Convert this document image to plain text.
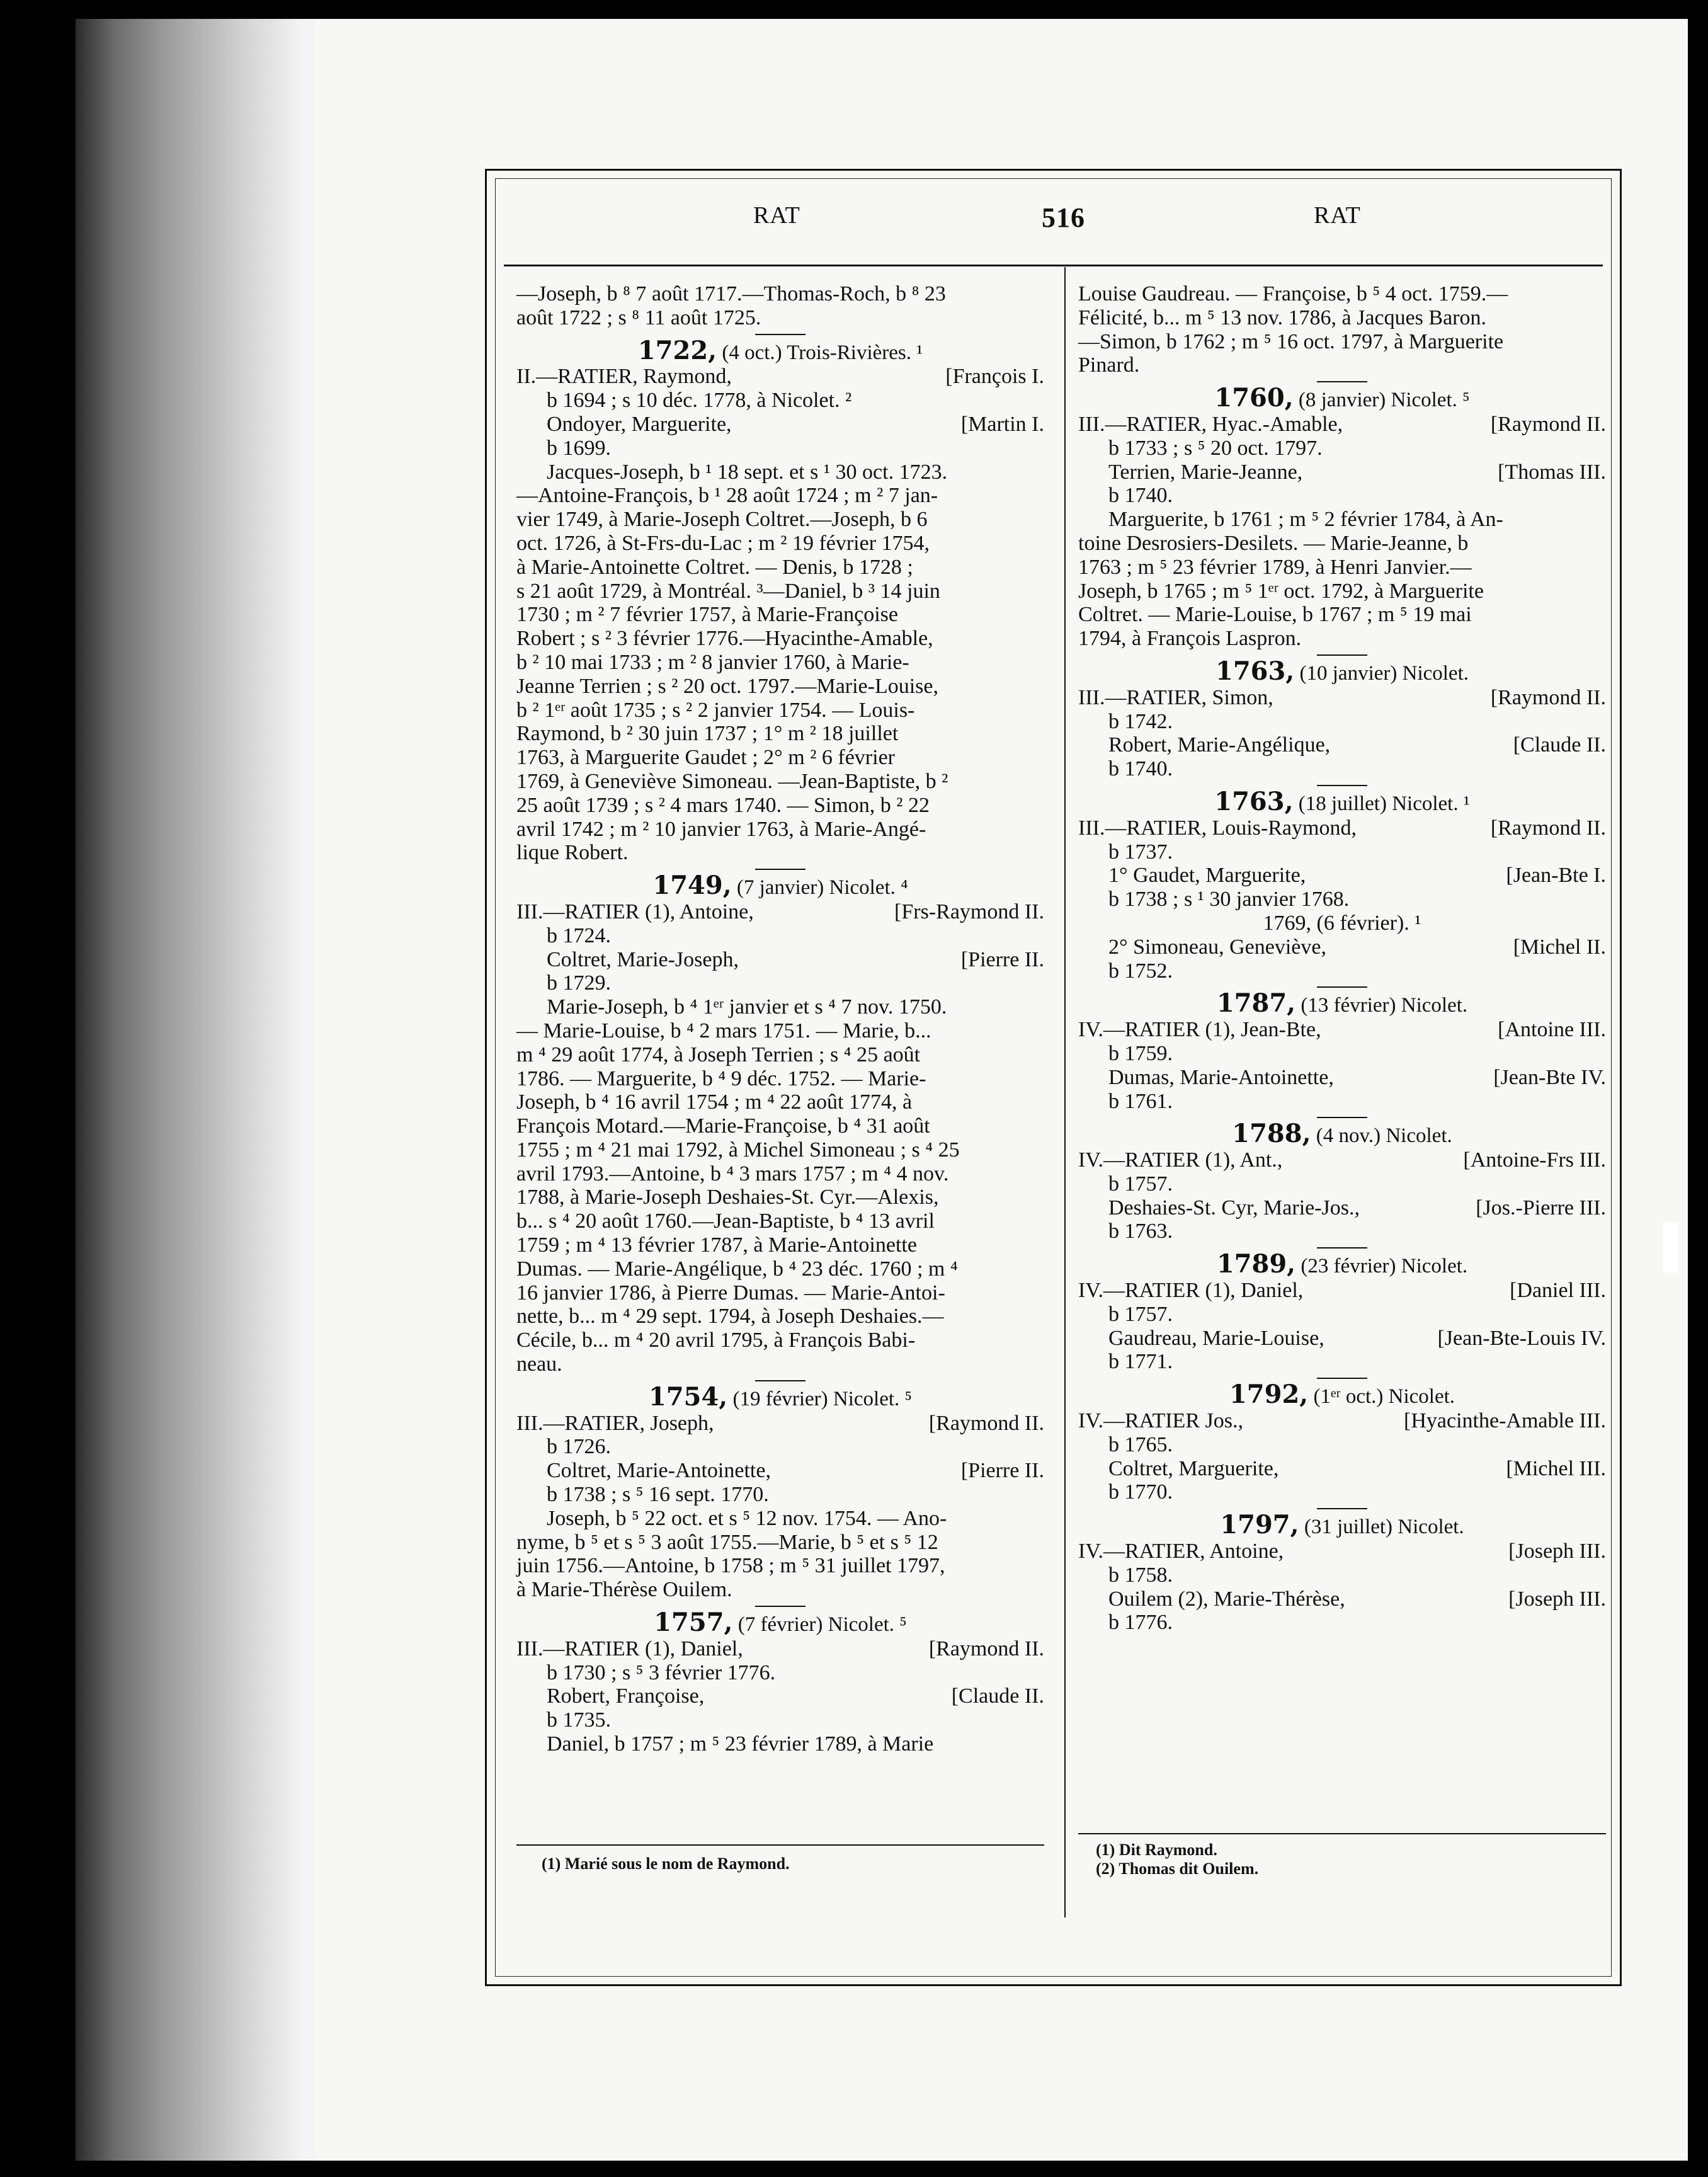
RAT	516	RAT

—Joseph, b ⁸ 7 août 1717.—Thomas-Roch, b ⁸ 23

août 1722 ; s ⁸ 11 août 1725.

1722, (4 oct.) Trois-Rivières. ¹

II.—RATIER, Raymond,	[François I.

b 1694 ; s 10 déc. 1778, à Nicolet. ²

Ondoyer, Marguerite,	[Martin I.

b 1699.

Jacques-Joseph, b ¹ 18 sept. et s ¹ 30 oct. 1723.

—Antoine-François, b ¹ 28 août 1724 ; m ² 7 jan-

vier 1749, à Marie-Joseph Coltret.—Joseph, b 6

oct. 1726, à St-Frs-du-Lac ; m ² 19 février 1754,

à Marie-Antoinette Coltret. — Denis, b 1728 ;

s 21 août 1729, à Montréal. ³—Daniel, b ³ 14 juin

1730 ; m ² 7 février 1757, à Marie-Françoise

Robert ; s ² 3 février 1776.—Hyacinthe-Amable,

b ² 10 mai 1733 ; m ² 8 janvier 1760, à Marie-

Jeanne Terrien ; s ² 20 oct. 1797.—Marie-Louise,

b ² 1ᵉʳ août 1735 ; s ² 2 janvier 1754. — Louis-

Raymond, b ² 30 juin 1737 ; 1° m ² 18 juillet

1763, à Marguerite Gaudet ; 2° m ² 6 février

1769, à Geneviève Simoneau. —Jean-Baptiste, b ²

25 août 1739 ; s ² 4 mars 1740. — Simon, b ² 22

avril 1742 ; m ² 10 janvier 1763, à Marie-Angé-

lique Robert.

1749, (7 janvier) Nicolet. ⁴

III.—RATIER (1), Antoine,	[Frs-Raymond II.

b 1724.

Coltret, Marie-Joseph,	[Pierre II.

b 1729.

Marie-Joseph, b ⁴ 1ᵉʳ janvier et s ⁴ 7 nov. 1750.

— Marie-Louise, b ⁴ 2 mars 1751. — Marie, b...

m ⁴ 29 août 1774, à Joseph Terrien ; s ⁴ 25 août

1786. — Marguerite, b ⁴ 9 déc. 1752. — Marie-

Joseph, b ⁴ 16 avril 1754 ; m ⁴ 22 août 1774, à

François Motard.—Marie-Françoise, b ⁴ 31 août

1755 ; m ⁴ 21 mai 1792, à Michel Simoneau ; s ⁴ 25

avril 1793.—Antoine, b ⁴ 3 mars 1757 ; m ⁴ 4 nov.

1788, à Marie-Joseph Deshaies-St. Cyr.—Alexis,

b... s ⁴ 20 août 1760.—Jean-Baptiste, b ⁴ 13 avril

1759 ; m ⁴ 13 février 1787, à Marie-Antoinette

Dumas. — Marie-Angélique, b ⁴ 23 déc. 1760 ; m ⁴

16 janvier 1786, à Pierre Dumas. — Marie-Antoi-

nette, b... m ⁴ 29 sept. 1794, à Joseph Deshaies.—

Cécile, b... m ⁴ 20 avril 1795, à François Babi-

neau.

1754, (19 février) Nicolet. ⁵

III.—RATIER, Joseph,	[Raymond II.

b 1726.

Coltret, Marie-Antoinette,	[Pierre II.

b 1738 ; s ⁵ 16 sept. 1770.

Joseph, b ⁵ 22 oct. et s ⁵ 12 nov. 1754. — Ano-

nyme, b ⁵ et s ⁵ 3 août 1755.—Marie, b ⁵ et s ⁵ 12

juin 1756.—Antoine, b 1758 ; m ⁵ 31 juillet 1797,

à Marie-Thérèse Ouilem.

1757, (7 février) Nicolet. ⁵

III.—RATIER (1), Daniel,	[Raymond II.

b 1730 ; s ⁵ 3 février 1776.

Robert, Françoise,	[Claude II.

b 1735.

Daniel, b 1757 ; m ⁵ 23 février 1789, à Marie

(1) Marié sous le nom de Raymond.

Louise Gaudreau. — Françoise, b ⁵ 4 oct. 1759.—

Félicité, b... m ⁵ 13 nov. 1786, à Jacques Baron.

—Simon, b 1762 ; m ⁵ 16 oct. 1797, à Marguerite

Pinard.

1760, (8 janvier) Nicolet. ⁵

III.—RATIER, Hyac.-Amable,	[Raymond II.

b 1733 ; s ⁵ 20 oct. 1797.

Terrien, Marie-Jeanne,	[Thomas III.

b 1740.

Marguerite, b 1761 ; m ⁵ 2 février 1784, à An-

toine Desrosiers-Desilets. — Marie-Jeanne, b

1763 ; m ⁵ 23 février 1789, à Henri Janvier.—

Joseph, b 1765 ; m ⁵ 1ᵉʳ oct. 1792, à Marguerite

Coltret. — Marie-Louise, b 1767 ; m ⁵ 19 mai

1794, à François Laspron.

1763, (10 janvier) Nicolet.

III.—RATIER, Simon,	[Raymond II.

b 1742.

Robert, Marie-Angélique,	[Claude II.

b 1740.

1763, (18 juillet) Nicolet. ¹

III.—RATIER, Louis-Raymond,	[Raymond II.

b 1737.

1° Gaudet, Marguerite,	[Jean-Bte I.

b 1738 ; s ¹ 30 janvier 1768.

1769, (6 février). ¹

2° Simoneau, Geneviève,	[Michel II.

b 1752.

1787, (13 février) Nicolet.

IV.—RATIER (1), Jean-Bte,	[Antoine III.

b 1759.

Dumas, Marie-Antoinette,	[Jean-Bte IV.

b 1761.

1788, (4 nov.) Nicolet.

IV.—RATIER (1), Ant.,	[Antoine-Frs III.

b 1757.

Deshaies-St. Cyr, Marie-Jos.,	[Jos.-Pierre III.

b 1763.

1789, (23 février) Nicolet.

IV.—RATIER (1), Daniel,	[Daniel III.

b 1757.

Gaudreau, Marie-Louise,	[Jean-Bte-Louis IV.

b 1771.

1792, (1ᵉʳ oct.) Nicolet.

IV.—RATIER Jos.,	[Hyacinthe-Amable III.

b 1765.

Coltret, Marguerite,	[Michel III.

b 1770.

1797, (31 juillet) Nicolet.

IV.—RATIER, Antoine,	[Joseph III.

b 1758.

Ouilem (2), Marie-Thérèse,	[Joseph III.

b 1776.

(1) Dit Raymond.
(2) Thomas dit Ouilem.
